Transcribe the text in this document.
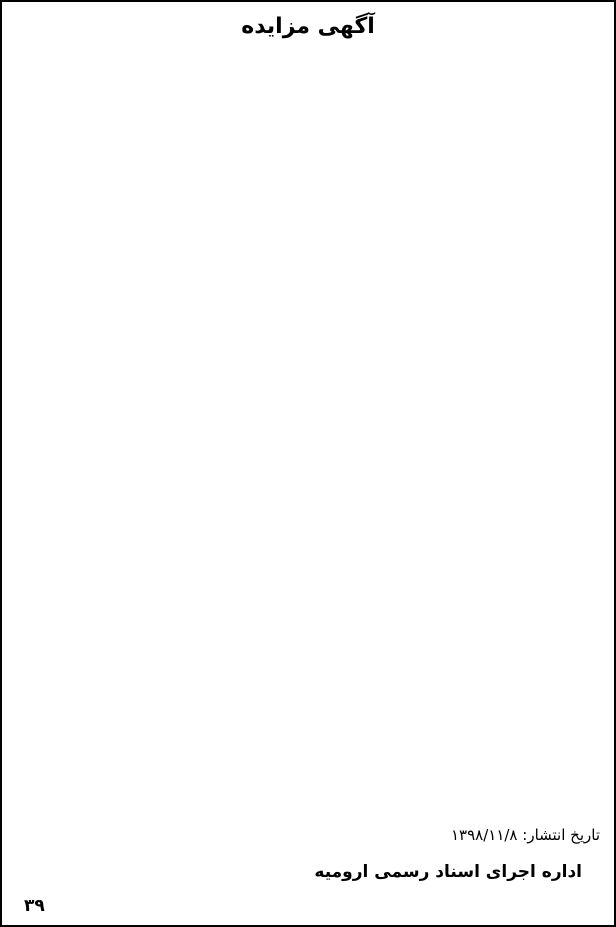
آگهی مزایده
تاریخ انتشار: ۱۳۹۸/۱۱/۸
اداره اجرای اسناد رسمی ارومیه
۳۹
